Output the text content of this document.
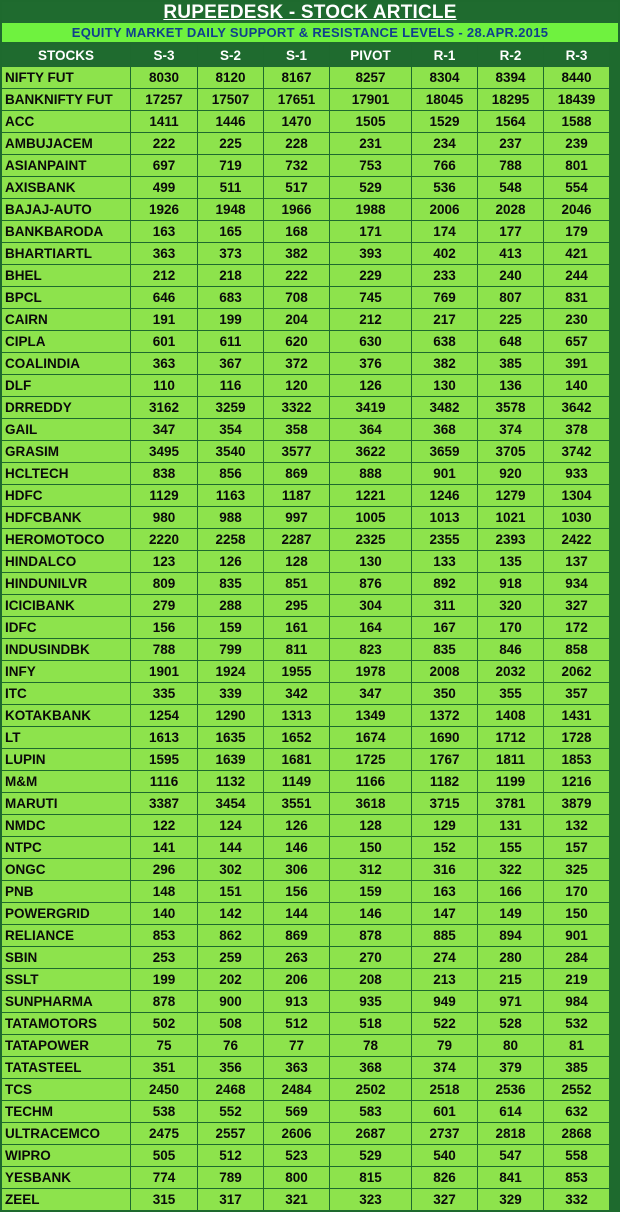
RUPEEDESK - STOCK ARTICLE
EQUITY MARKET DAILY SUPPORT & RESISTANCE LEVELS - 28.APR.2015
STOCKS	S-3	S-2	S-1	PIVOT	R-1	R-2	R-3
NIFTY FUT	8030	8120	8167	8257	8304	8394	8440
BANKNIFTY FUT	17257	17507	17651	17901	18045	18295	18439
ACC	1411	1446	1470	1505	1529	1564	1588
AMBUJACEM	222	225	228	231	234	237	239
ASIANPAINT	697	719	732	753	766	788	801
AXISBANK	499	511	517	529	536	548	554
BAJAJ-AUTO	1926	1948	1966	1988	2006	2028	2046
BANKBARODA	163	165	168	171	174	177	179
BHARTIARTL	363	373	382	393	402	413	421
BHEL	212	218	222	229	233	240	244
BPCL	646	683	708	745	769	807	831
CAIRN	191	199	204	212	217	225	230
CIPLA	601	611	620	630	638	648	657
COALINDIA	363	367	372	376	382	385	391
DLF	110	116	120	126	130	136	140
DRREDDY	3162	3259	3322	3419	3482	3578	3642
GAIL	347	354	358	364	368	374	378
GRASIM	3495	3540	3577	3622	3659	3705	3742
HCLTECH	838	856	869	888	901	920	933
HDFC	1129	1163	1187	1221	1246	1279	1304
HDFCBANK	980	988	997	1005	1013	1021	1030
HEROMOTOCO	2220	2258	2287	2325	2355	2393	2422
HINDALCO	123	126	128	130	133	135	137
HINDUNILVR	809	835	851	876	892	918	934
ICICIBANK	279	288	295	304	311	320	327
IDFC	156	159	161	164	167	170	172
INDUSINDBK	788	799	811	823	835	846	858
INFY	1901	1924	1955	1978	2008	2032	2062
ITC	335	339	342	347	350	355	357
KOTAKBANK	1254	1290	1313	1349	1372	1408	1431
LT	1613	1635	1652	1674	1690	1712	1728
LUPIN	1595	1639	1681	1725	1767	1811	1853
M&M	1116	1132	1149	1166	1182	1199	1216
MARUTI	3387	3454	3551	3618	3715	3781	3879
NMDC	122	124	126	128	129	131	132
NTPC	141	144	146	150	152	155	157
ONGC	296	302	306	312	316	322	325
PNB	148	151	156	159	163	166	170
POWERGRID	140	142	144	146	147	149	150
RELIANCE	853	862	869	878	885	894	901
SBIN	253	259	263	270	274	280	284
SSLT	199	202	206	208	213	215	219
SUNPHARMA	878	900	913	935	949	971	984
TATAMOTORS	502	508	512	518	522	528	532
TATAPOWER	75	76	77	78	79	80	81
TATASTEEL	351	356	363	368	374	379	385
TCS	2450	2468	2484	2502	2518	2536	2552
TECHM	538	552	569	583	601	614	632
ULTRACEMCO	2475	2557	2606	2687	2737	2818	2868
WIPRO	505	512	523	529	540	547	558
YESBANK	774	789	800	815	826	841	853
ZEEL	315	317	321	323	327	329	332
